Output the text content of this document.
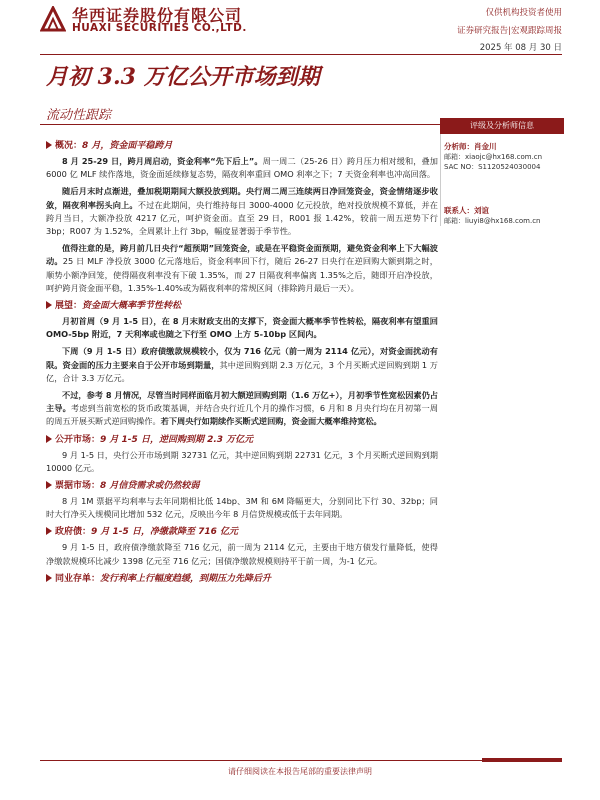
华西证券股份有限公司
HUAXI SECURITIES CO.,LTD.
仅供机构投资者使用
证券研究报告|宏观跟踪周报
2025 年 08 月 30 日
月初 3.3 万亿公开市场到期
流动性跟踪
概况：8 月，资金面平稳跨月

8 月 25-29 日，跨月周启动，资金利率“先下后上”。周一周二（25-26 日）跨月压力相对缓和，叠加 6000 亿 MLF 续作落地，资金面延续修复态势，隔夜利率重回 OMO 利率之下；7 天资金利率也冲高回落。

随后月末时点渐进，叠加税期期间大额投放到期。央行周二周三连续两日净回笼资金，资金情绪逐步收敛，隔夜利率拐头向上。不过在此期间，央行维持每日 3000-4000 亿元投放，绝对投放规模不算低，并在跨月当日，大额净投放 4217 亿元，呵护资金面。直至 29 日，R001 报 1.42%，较前一周五逆势下行 3bp；R007 为 1.52%，全周累计上行 3bp，幅度显著弱于季节性。

值得注意的是，跨月前几日央行“超预期”回笼资金，或是在平稳资金面预期，避免资金利率上下大幅波动。25 日 MLF 净投放 3000 亿元落地后，资金利率回下行，随后 26-27 日央行在逆回购大额到期之时，顺势小额净回笼，使得隔夜利率没有下破 1.35%，而 27 日隔夜利率偏离 1.35%之后，随即开启净投放，呵护跨月资金面平稳，1.35%-1.40%或为隔夜利率的常规区间（排除跨月最后一天）。

展望：资金面大概率季节性转松

月初首周（9 月 1-5 日），在 8 月末财政支出的支撑下，资金面大概率季节性转松，隔夜利率有望重回 OMO-5bp 附近，7 天利率或也随之下行至 OMO 上方 5-10bp 区间内。

下周（9 月 1-5 日）政府债缴款规模较小，仅为 716 亿元（前一周为 2114 亿元），对资金面扰动有限。资金面的压力主要来自于公开市场到期量，其中逆回购到期 2.3 万亿元，3 个月买断式逆回购到期 1 万亿，合计 3.3 万亿元。

不过，参考 8 月情况，尽管当时同样面临月初大额逆回购到期（1.6 万亿+），月初季节性宽松因素仍占主导。考虑到当前宽松的货币政策基调，并结合央行近几个月的操作习惯，6 月和 8 月央行均在月初第一周的周五开展买断式逆回购操作。若下周央行如期续作买断式逆回购，资金面大概率维持宽松。

公开市场：9 月 1-5 日，逆回购到期 2.3 万亿元

9 月 1-5 日，央行公开市场到期 32731 亿元，其中逆回购到期 22731 亿元，3 个月买断式逆回购到期 10000 亿元。

票据市场：8 月信贷需求或仍然较弱

8 月 1M 票据平均利率与去年同期相比低 14bp、3M 和 6M 降幅更大，分别同比下行 30、32bp；同时大行净买入规模同比增加 532 亿元，反映出今年 8 月信贷规模或低于去年同期。

政府债：9 月 1-5 日，净缴款降至 716 亿元

9 月 1-5 日，政府债净缴款降至 716 亿元，前一周为 2114 亿元，主要由于地方债发行量降低，使得净缴款规模环比减少 1398 亿元至 716 亿元；国债净缴款规模则持平于前一周，为-1 亿元。

同业存单：发行利率上行幅度趋缓，到期压力先降后升
评级及分析师信息
分析师：肖金川
邮箱：xiaojc@hx168.com.cn
SAC NO：S1120524030004
联系人：刘谊
邮箱：liuyi8@hx168.com.cn
请仔细阅读在本报告尾部的重要法律声明
